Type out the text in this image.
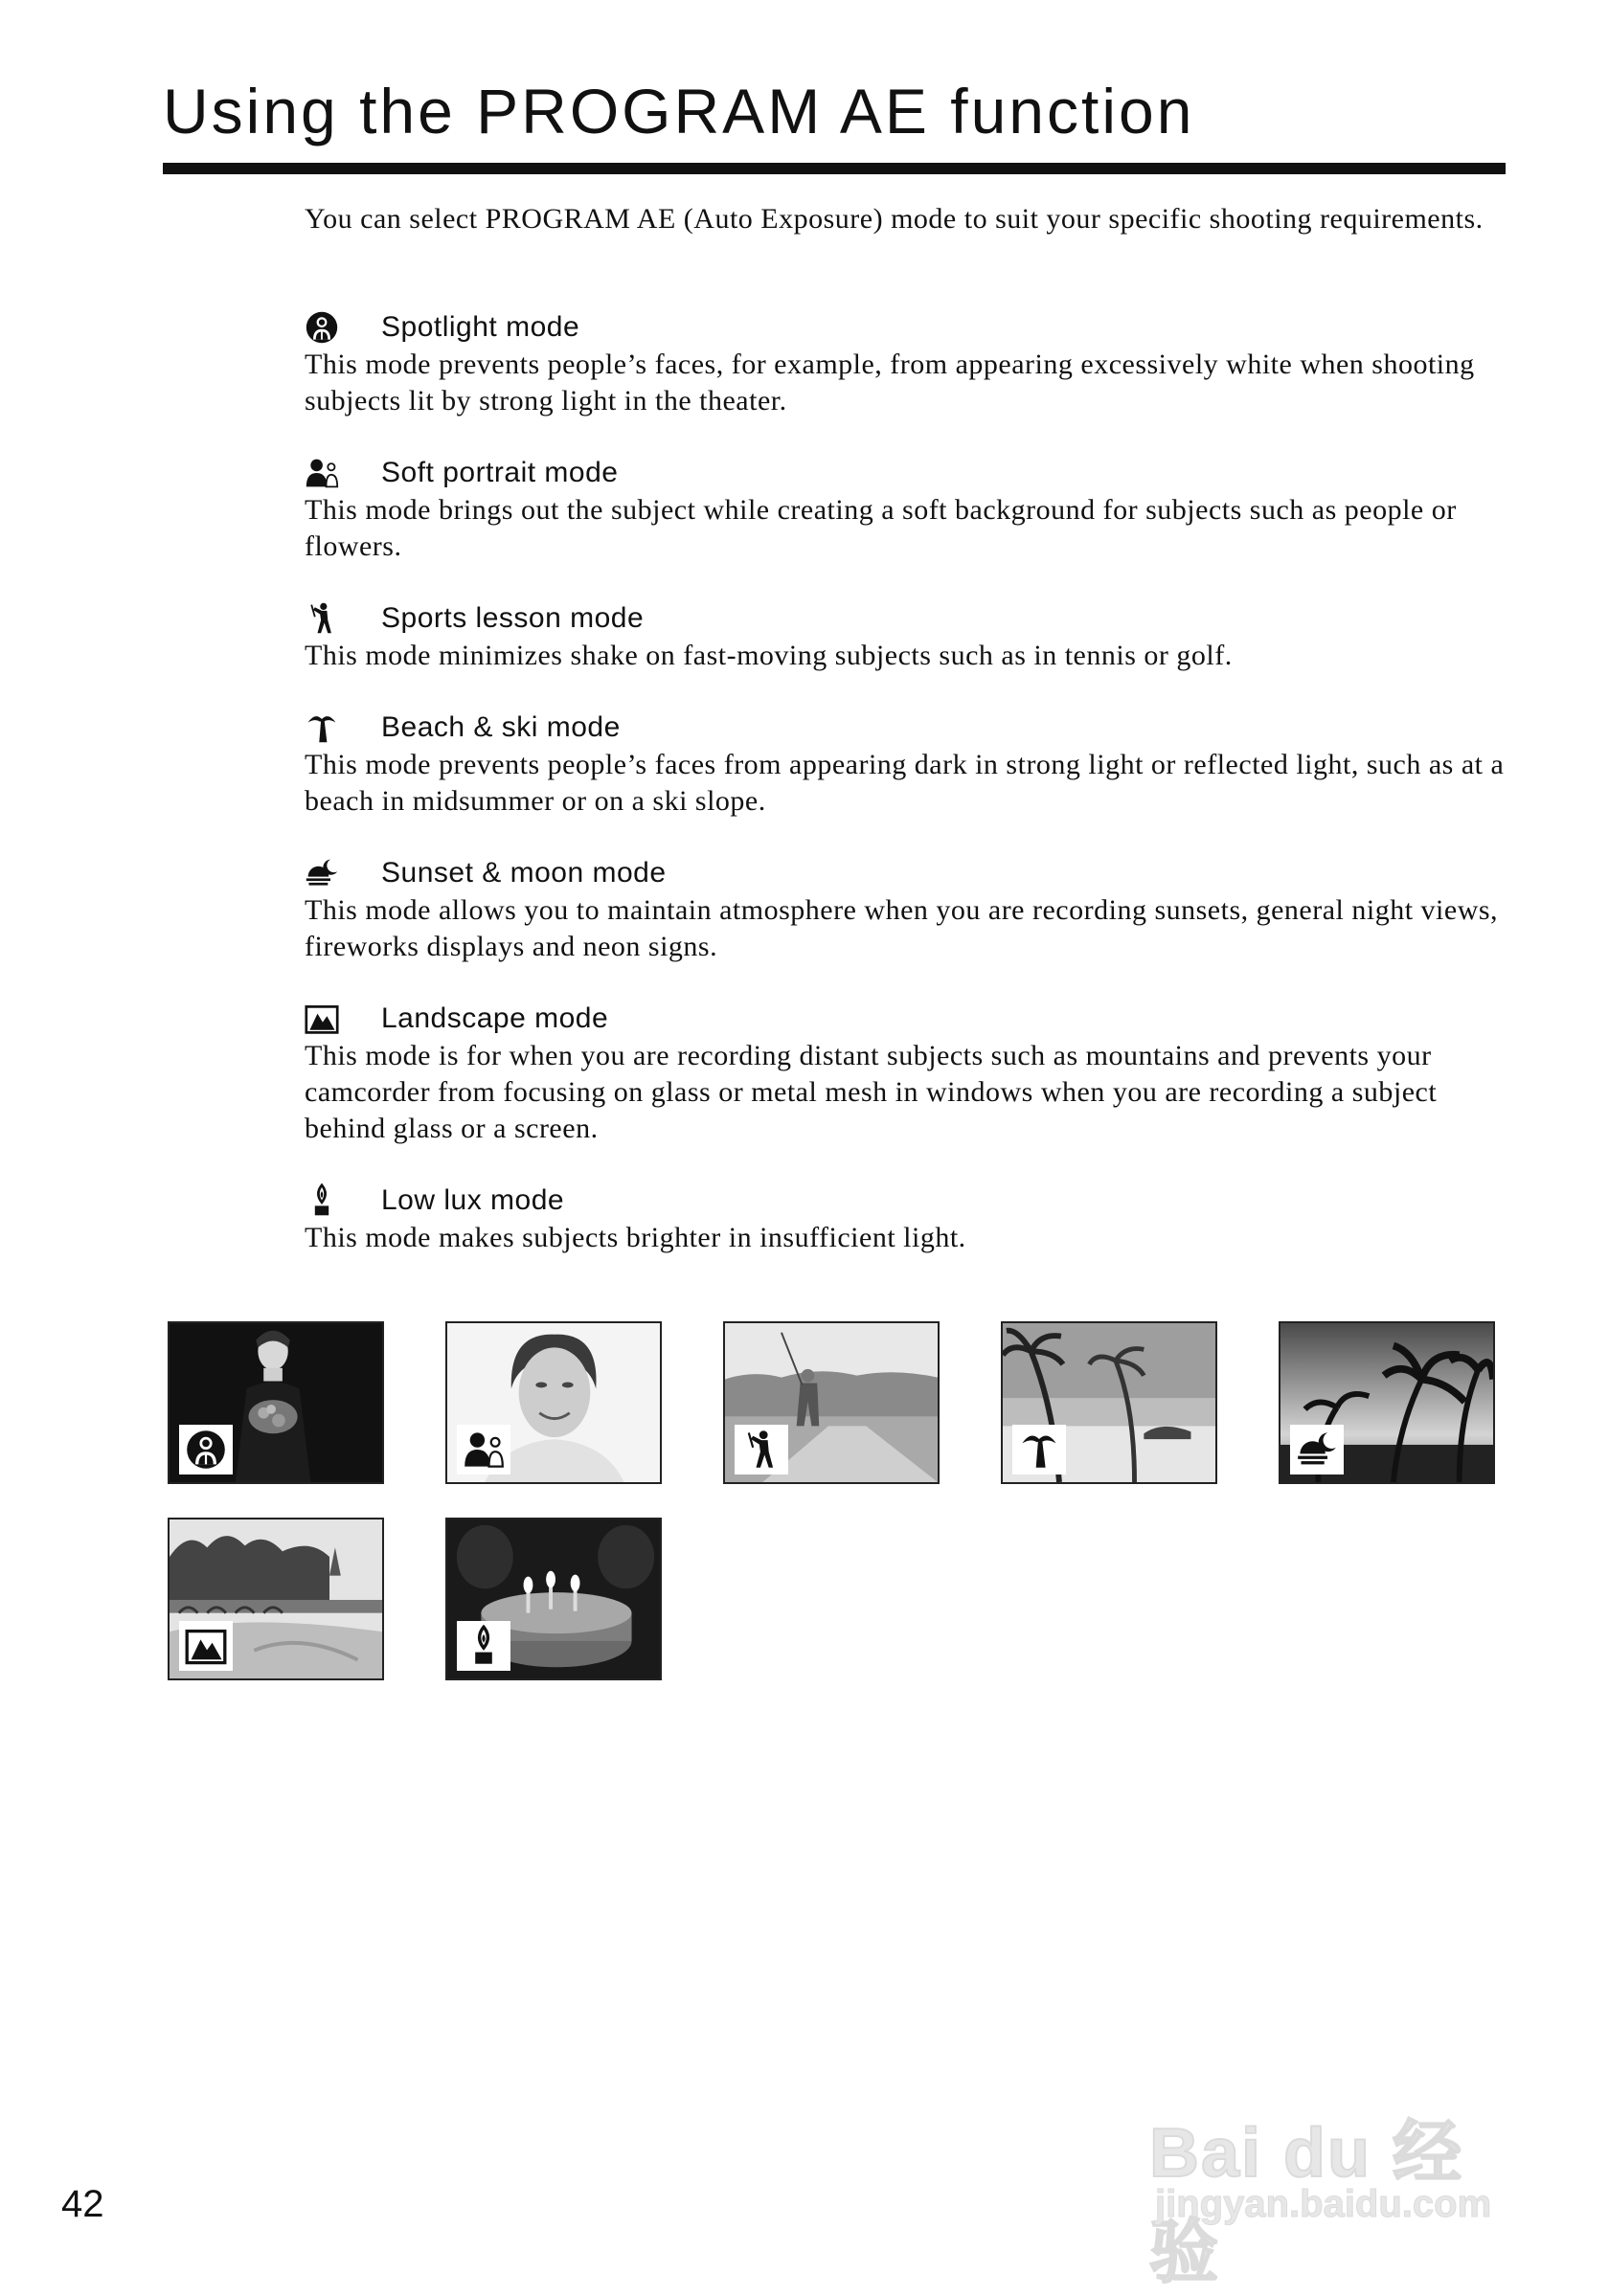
Using the PROGRAM AE function

You can select PROGRAM AE (Auto Exposure) mode to suit your specific shooting requirements.

Spotlight mode

This mode prevents people’s faces, for example, from appearing excessively white when shooting subjects lit by strong light in the theater.

Soft portrait mode

This mode brings out the subject while creating a soft background for subjects such as people or flowers.

Sports lesson mode

This mode minimizes shake on fast-moving subjects such as in tennis or golf.

Beach & ski mode

This mode prevents people’s faces from appearing dark in strong light or reflected light, such as at a beach in midsummer or on a ski slope.

Sunset & moon mode

This mode allows you to maintain atmosphere when you are recording sunsets, general night views, fireworks displays and neon signs.

Landscape mode

This mode is for when you are recording distant subjects such as mountains and prevents your camcorder from focusing on glass or metal mesh in windows when you are recording a subject behind glass or a screen.

Low lux mode

This mode makes subjects brighter in insufficient light.

42
Bai du 经验
jingyan.baidu.com
